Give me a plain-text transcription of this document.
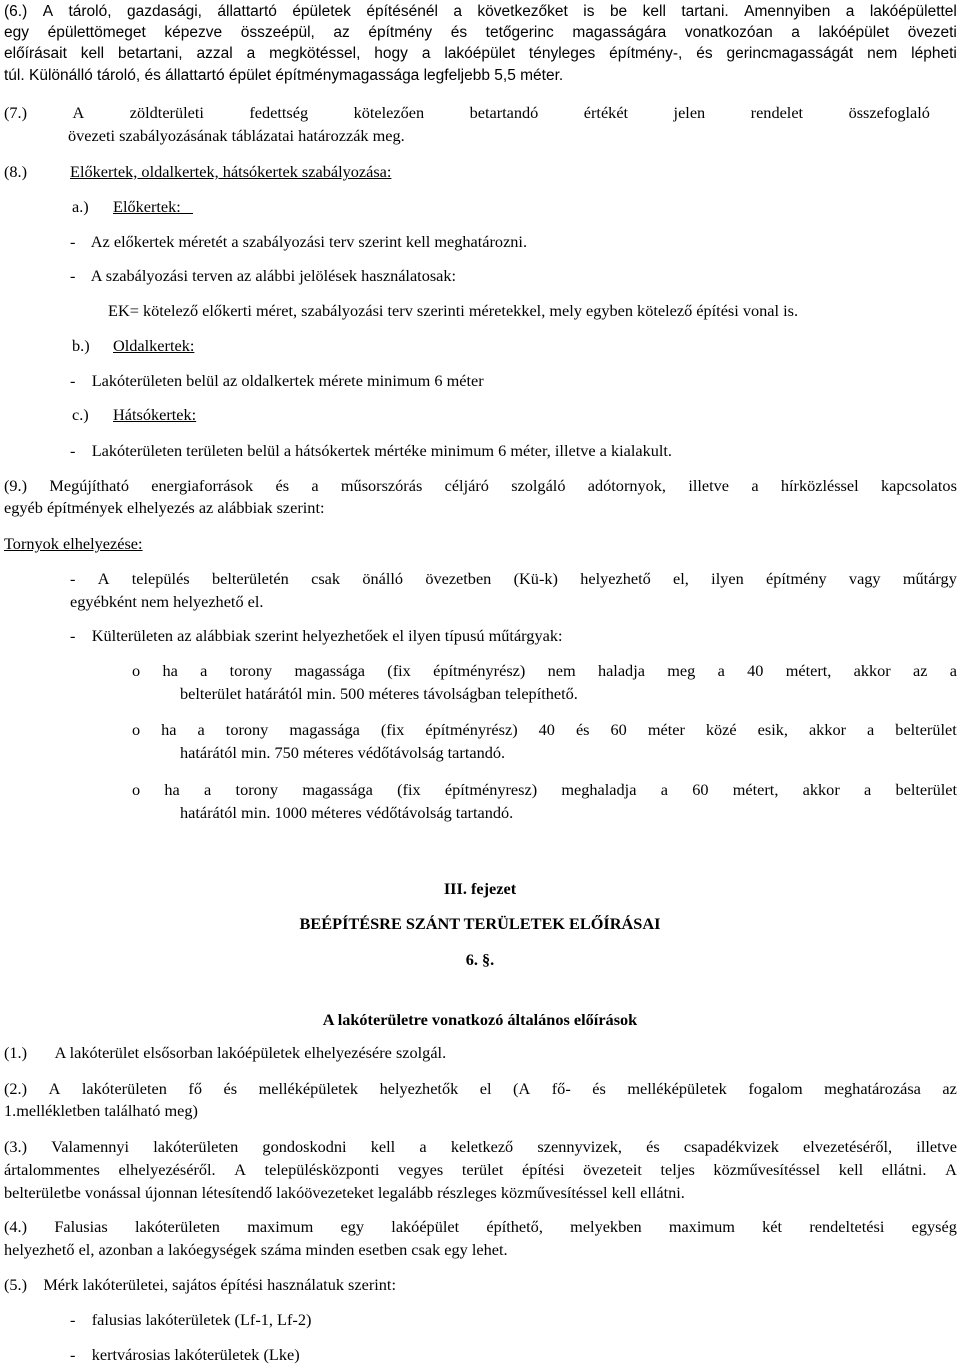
(6.) A tároló, gazdasági, állattartó épületek építésénél a következőket is be kell tartani. Amennyiben a lakóépülettel
egy épülettömeget képezve összeépül, az építmény és tetőgerinc magasságára vonatkozóan a lakóépület övezeti
előírásait kell betartani, azzal a megkötéssel, hogy a lakóépület tényleges építmény-, és gerincmagasságát nem lépheti
túl. Különálló tároló, és állattartó épület építménymagassága legfeljebb 5,5 méter.
(7.)	A	zöldterületi	fedettség	kötelezően	betartandó	értékét	jelen	rendelet	összefoglaló
övezeti szabályozásának táblázatai határozzák meg.
(8.)	Előkertek, oldalkertek, hátsókertek szabályozása:
a.) Előkertek:
-    Az előkertek méretét a szabályozási terv szerint kell meghatározni.
-    A szabályozási terven az alábbi jelölések használatosak:
EK= kötelező előkerti méret, szabályozási terv szerinti méretekkel, mely egyben kötelező építési vonal is.
b.) Oldalkertek:
-    Lakóterületen belül az oldalkertek mérete minimum 6 méter
c.) Hátsókertek:
-    Lakóterületen területen belül a hátsókertek mértéke minimum 6 méter, illetve a kialakult.
(9.) Megújítható energiaforrások és a műsorszórás céljáró szolgáló adótornyok, illetve a hírközléssel kapcsolatos
egyéb építmények elhelyezés az alábbiak szerint:
Tornyok elhelyezése:
- A település belterületén csak önálló övezetben (Kü-k) helyezhető el, ilyen építmény vagy műtárgy
egyébként nem helyezhető el.
-    Külterületen az alábbiak szerint helyezhetőek el ilyen típusú műtárgyak:
o ha a torony magassága (fix építményrész) nem haladja meg a 40 métert, akkor az a
belterület határától min. 500 méteres távolságban telepíthető.
o ha a torony magassága (fix építményrész) 40 és 60 méter közé esik, akkor a belterület
határától min. 750 méteres védőtávolság tartandó.
o ha a torony magassága (fix építményresz) meghaladja a 60 métert, akkor a belterület
határától min. 1000 méteres védőtávolság tartandó.
III. fejezet
BEÉPÍTÉSRE SZÁNT TERÜLETEK ELŐÍRÁSAI
6. §.
A lakóterületre vonatkozó általános előírások
(1.)       A lakóterület elsősorban lakóépületek elhelyezésére szolgál.
(2.) A lakóterületen fő és melléképületek helyezhetők el (A fő- és melléképületek fogalom meghatározása az
1.mellékletben található meg)
(3.) Valamennyi lakóterületen gondoskodni kell a keletkező szennyvizek, és csapadékvizek elvezetéséről, illetve
ártalommentes elhelyezéséről. A településközponti vegyes terület építési övezeteit teljes közművesítéssel kell ellátni. A
belterületbe vonással újonnan létesítendő lakóövezeteket legalább részleges közművesítéssel kell ellátni.
(4.) Falusias lakóterületen maximum egy lakóépület építhető, melyekben maximum két rendeltetési egység
helyezhető el, azonban a lakóegységek száma minden esetben csak egy lehet.
(5.)    Mérk lakóterületei, sajátos építési használatuk szerint:
-    falusias lakóterületek (Lf-1, Lf-2)
-    kertvárosias lakóterületek (Lke)
